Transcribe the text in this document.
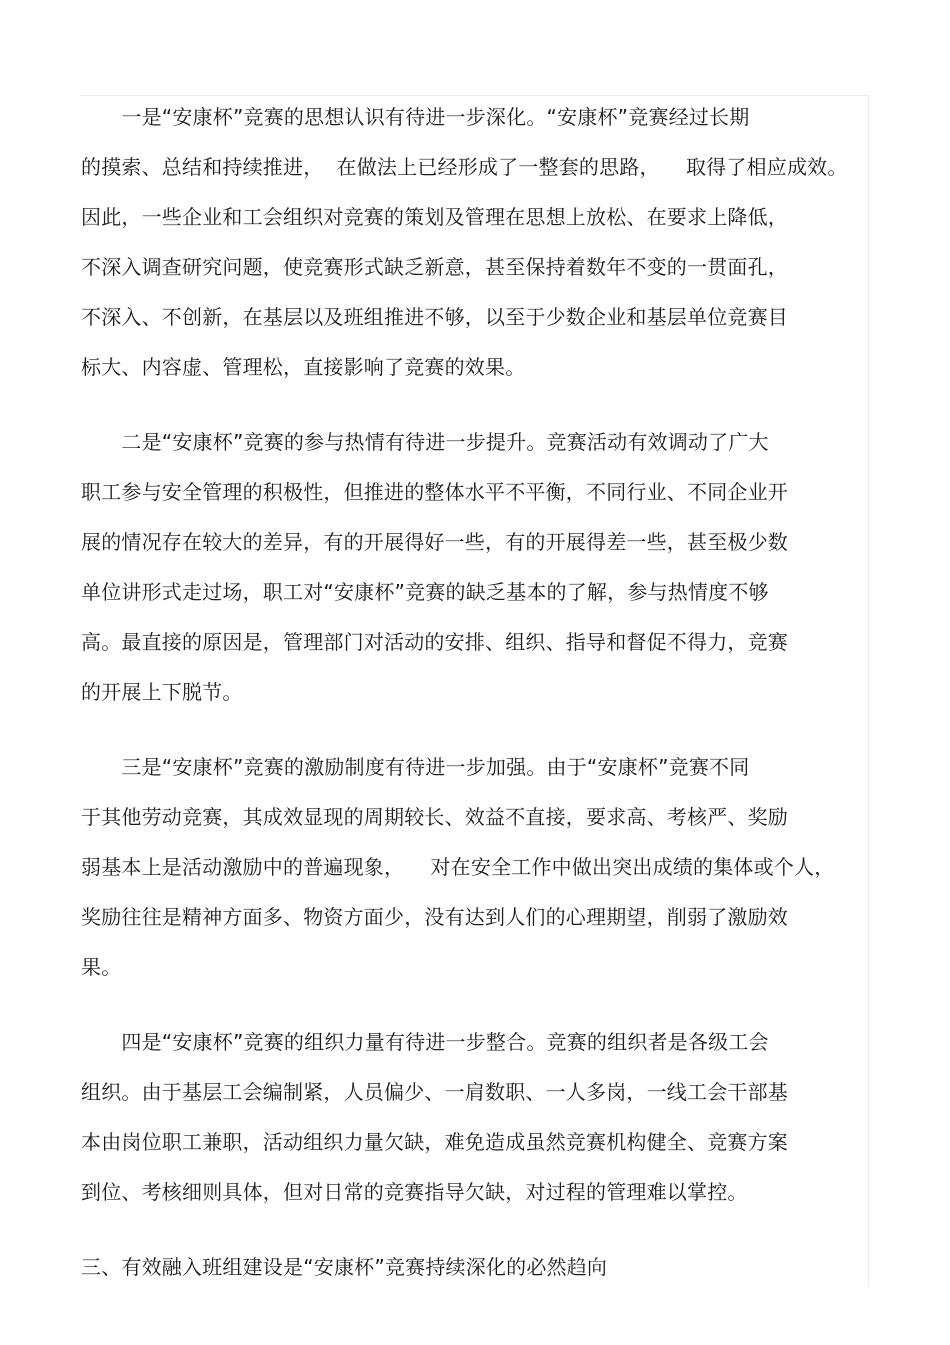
　　一是“安康杯”竞赛的思想认识有待进一步深化。“安康杯”竞赛经过长期
的摸索、总结和持续推进，  在做法上已经形成了一整套的思路，    取得了相应成效。
因此，一些企业和工会组织对竞赛的策划及管理在思想上放松、在要求上降低，
不深入调查研究问题，使竞赛形式缺乏新意，甚至保持着数年不变的一贯面孔，
不深入、不创新，在基层以及班组推进不够，以至于少数企业和基层单位竞赛目
标大、内容虚、管理松，直接影响了竞赛的效果。
　　二是“安康杯”竞赛的参与热情有待进一步提升。竞赛活动有效调动了广大
职工参与安全管理的积极性，但推进的整体水平不平衡，不同行业、不同企业开
展的情况存在较大的差异，有的开展得好一些，有的开展得差一些，甚至极少数
单位讲形式走过场，职工对“安康杯”竞赛的缺乏基本的了解，参与热情度不够
高。最直接的原因是，管理部门对活动的安排、组织、指导和督促不得力，竞赛
的开展上下脱节。
　　三是“安康杯”竞赛的激励制度有待进一步加强。由于“安康杯”竞赛不同
于其他劳动竞赛，其成效显现的周期较长、效益不直接，要求高、考核严、奖励
弱基本上是活动激励中的普遍现象，    对在安全工作中做出突出成绩的集体或个人，
奖励往往是精神方面多、物资方面少，没有达到人们的心理期望，削弱了激励效
果。
　　四是“安康杯”竞赛的组织力量有待进一步整合。竞赛的组织者是各级工会
组织。由于基层工会编制紧，人员偏少、一肩数职、一人多岗，一线工会干部基
本由岗位职工兼职，活动组织力量欠缺，难免造成虽然竞赛机构健全、竞赛方案
到位、考核细则具体，但对日常的竞赛指导欠缺，对过程的管理难以掌控。
三、有效融入班组建设是“安康杯”竞赛持续深化的必然趋向
